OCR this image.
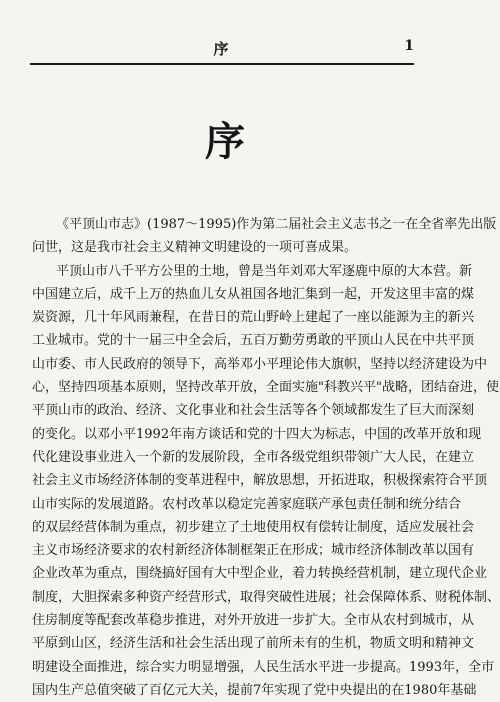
序	1
序
《平顶山市志》(1987～1995)作为第二届社会主义志书之一在全省率先出版
问世，这是我市社会主义精神文明建设的一项可喜成果。
平顶山市八千平方公里的土地，曾是当年刘邓大军逐鹿中原的大本营。新
中国建立后，成千上万的热血儿女从祖国各地汇集到一起，开发这里丰富的煤
炭资源，几十年风雨兼程，在昔日的荒山野岭上建起了一座以能源为主的新兴
工业城市。党的十一届三中全会后，五百万勤劳勇敢的平顶山人民在中共平顶
山市委、市人民政府的领导下，高举邓小平理论伟大旗帜，坚持以经济建设为中
心，坚持四项基本原则，坚持改革开放，全面实施"科教兴平"战略，团结奋进，使
平顶山市的政治、经济、文化事业和社会生活等各个领域都发生了巨大而深刻
的变化。以邓小平1992年南方谈话和党的十四大为标志，中国的改革开放和现
代化建设事业进入一个新的发展阶段，全市各级党组织带领广大人民，在建立
社会主义市场经济体制的变革进程中，解放思想，开拓进取，积极探索符合平顶
山市实际的发展道路。农村改革以稳定完善家庭联产承包责任制和统分结合
的双层经营体制为重点，初步建立了土地使用权有偿转让制度，适应发展社会
主义市场经济要求的农村新经济体制框架正在形成；城市经济体制改革以国有
企业改革为重点，围绕搞好国有大中型企业，着力转换经营机制，建立现代企业
制度，大胆探索多种资产经营形式，取得突破性进展；社会保障体系、财税体制、
住房制度等配套改革稳步推进，对外开放进一步扩大。全市从农村到城市，从
平原到山区，经济生活和社会生活出现了前所未有的生机，物质文明和精神文
明建设全面推进，综合实力明显增强，人民生活水平进一步提高。1993年，全市
国内生产总值突破了百亿元大关，提前7年实现了党中央提出的在1980年基础
